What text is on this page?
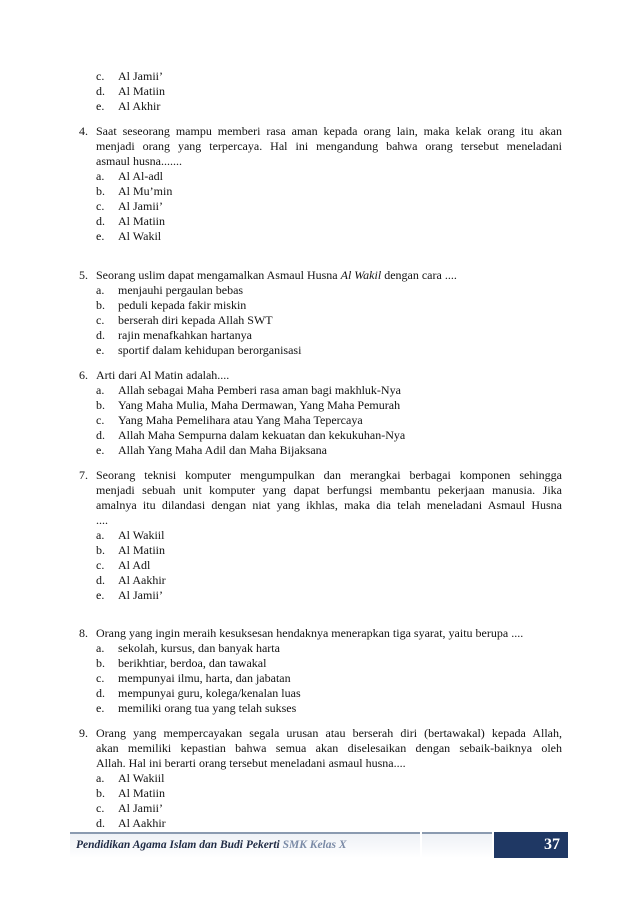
c.	Al Jamii’
d.	Al Matiin
e.	Al Akhir
4. Saat seseorang mampu memberi rasa aman kepada orang lain, maka kelak orang itu akan
menjadi orang yang terpercaya. Hal ini mengandung bahwa orang tersebut meneladani
asmaul husna.......
a.	Al Al-adl
b.	Al Mu’min
c.	Al Jamii’
d.	Al Matiin
e.	Al Wakil
5. Seorang uslim dapat mengamalkan Asmaul Husna Al Wakil dengan cara ....
a.	menjauhi pergaulan bebas
b.	peduli kepada fakir miskin
c.	berserah diri kepada Allah SWT
d.	rajin menafkahkan hartanya
e.	sportif dalam kehidupan berorganisasi
6. Arti dari Al Matin adalah....
a.	Allah sebagai Maha Pemberi rasa aman bagi makhluk-Nya
b.	Yang Maha Mulia, Maha Dermawan, Yang Maha Pemurah
c.	Yang Maha Pemelihara atau Yang Maha Tepercaya
d.	Allah Maha Sempurna dalam kekuatan dan kekukuhan-Nya
e.	Allah Yang Maha Adil dan Maha Bijaksana
7. Seorang teknisi komputer mengumpulkan dan merangkai berbagai komponen sehingga
menjadi sebuah unit komputer yang dapat berfungsi membantu pekerjaan manusia. Jika
amalnya itu dilandasi dengan niat yang ikhlas, maka dia telah meneladani Asmaul Husna
....
a.	Al Wakiil
b.	Al Matiin
c.	Al Adl
d.	Al Aakhir
e.	Al Jamii’
8. Orang yang ingin meraih kesuksesan hendaknya menerapkan tiga syarat, yaitu berupa ....
a.	sekolah, kursus, dan banyak harta
b.	berikhtiar, berdoa, dan tawakal
c.	mempunyai ilmu, harta, dan jabatan
d.	mempunyai guru, kolega/kenalan luas
e.	memiliki orang tua yang telah sukses
9. Orang yang mempercayakan segala urusan atau berserah diri (bertawakal) kepada Allah,
akan memiliki kepastian bahwa semua akan diselesaikan dengan sebaik-baiknya oleh
Allah. Hal ini berarti orang tersebut meneladani asmaul husna....
a.	Al Wakiil
b.	Al Matiin
c.	Al Jamii’
d.	Al Aakhir
Pendidikan Agama Islam dan Budi Pekerti SMK Kelas X	37
